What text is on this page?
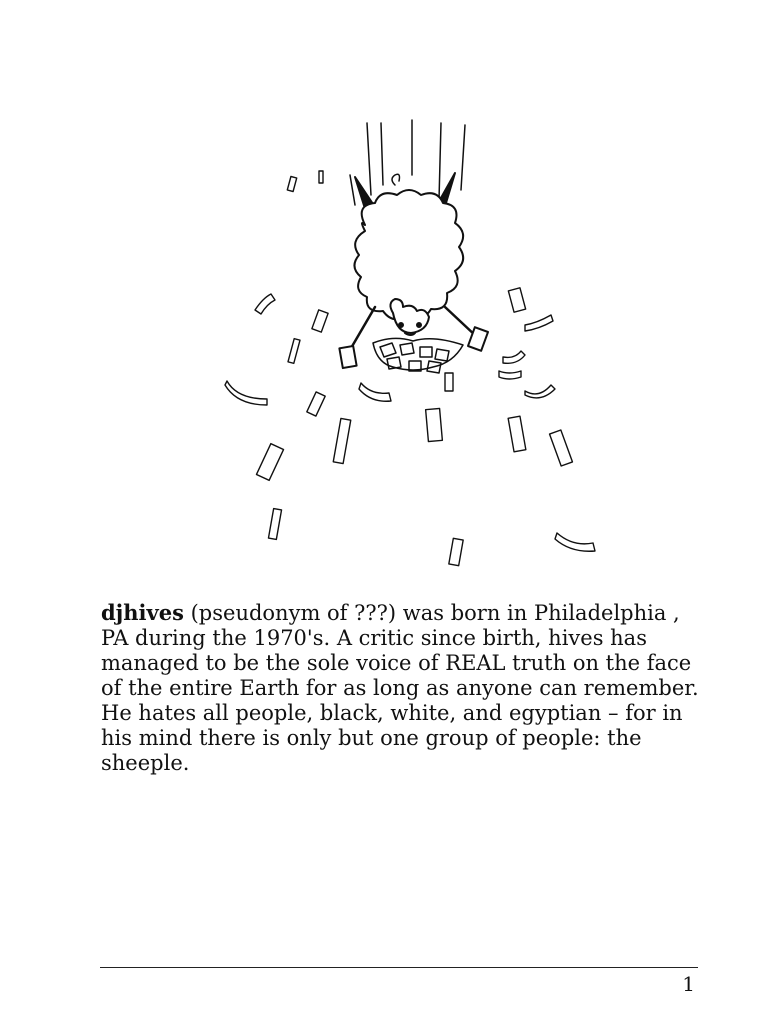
djhives (pseudonym of ???) was born in Philadelphia , PA during the 1970's. A critic since birth, hives has managed to be the sole voice of REAL truth on the face of the entire Earth for as long as anyone can remember. He hates all people, black, white, and egyptian – for in his mind there is only but one group of people: the sheeple.

1
